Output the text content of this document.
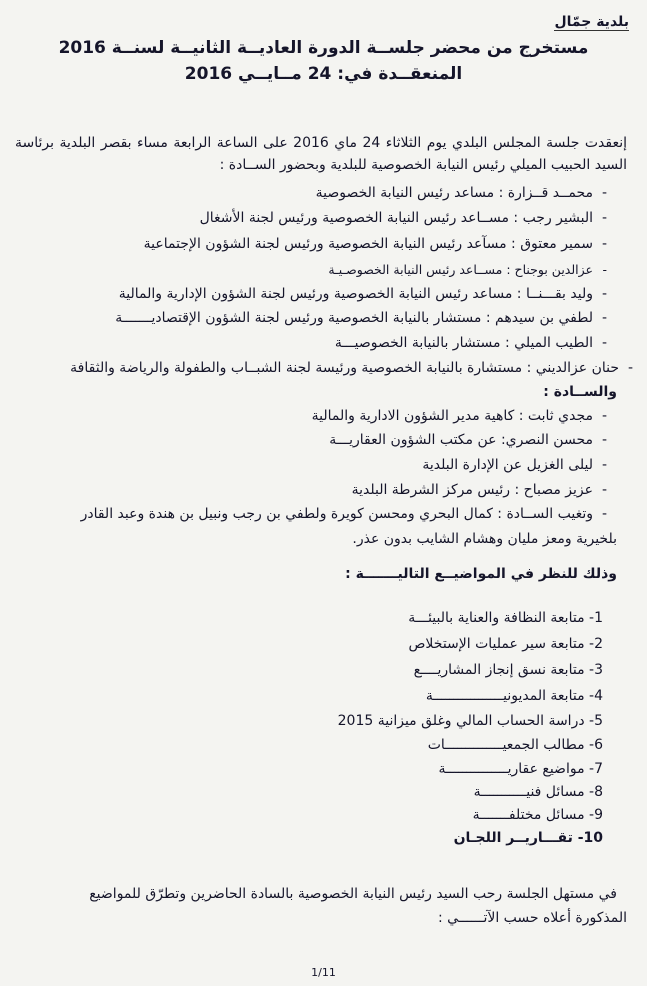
بلدية جمّال
مستخرج من محضر جلســة الدورة العاديــة الثانيــة لسنــة 2016
المنعقــدة في: 24 مــايــي 2016
إنعقدت جلسة المجلس البلدي يوم الثلاثاء 24 ماي 2016 على الساعة الرابعة مساء بقصر البلدية برئاسة السيد الحبيب الميلي رئيس النيابة الخصوصية للبلدية وبحضور الســادة :
-محمــد قــزارة : مساعد رئيس النيابة الخصوصية
-البشير رجب : مســاعد رئيس النيابة الخصوصية ورئيس لجنة الأشغال
-سمير معتوق : مسآعد رئيس النيابة الخصوصية ورئيس لجنة الشؤون الإجتماعية
-عزالدين بوجناح : مســاعد رئيس النيابة الخصوصـيـة
-وليد بقـــنــا : مساعد رئيس النيابة الخصوصية ورئيس لجنة الشؤون الإدارية والمالية
-لطفي بن سيدهم : مستشار بالنيابة الخصوصية ورئيس لجنة الشؤون الإقتصاديـــــــة
-الطيب الميلي : مستشار بالنيابة الخصوصيـــة
-حنان عزالديني : مستشارة بالنيابة الخصوصية ورئيسة لجنة الشبــاب والطفولة والرياضة والثقافة
والســادة :
-مجدي ثابت : كاهية مدير الشؤون الادارية والمالية
-محسن النصري: عن مكتب الشؤون العقاريـــة
-ليلى الغزيل عن الإدارة البلدية
-عزيز مصباح : رئيس مركز الشرطة البلدية
-وتغيب الســادة : كمال البحري ومحسن كويرة ولطفي بن رجب ونبيل بن هندة وعبد القادر
بلخيرية ومعز مليان وهشام الشايب بدون عذر.
وذلك للنظر في المواضيــع التاليـــــــة :
1- متابعة النظافة والعناية بالبيئـــة
2- متابعة سير عمليات الإستخلاص
3- متابعة نسق إنجاز المشاريــــع
4- متابعة المديونيـــــــــــــــــة
5- دراسة الحساب المالي وغلق ميزانية 2015
6- مطالب الجمعيــــــــــــــات
7- مواضيع عقاريـــــــــــــــة
8- مسائل فنيـــــــــــة
9- مسائل مختلفـــــــة
10- تقـــاريــر اللجـان
في مستهل الجلسة رحب السيد رئيس النيابة الخصوصية بالسادة الحاضرين وتطرّق للمواضيع
المذكورة أعلاه حسب الآتــــــي :
1/11
